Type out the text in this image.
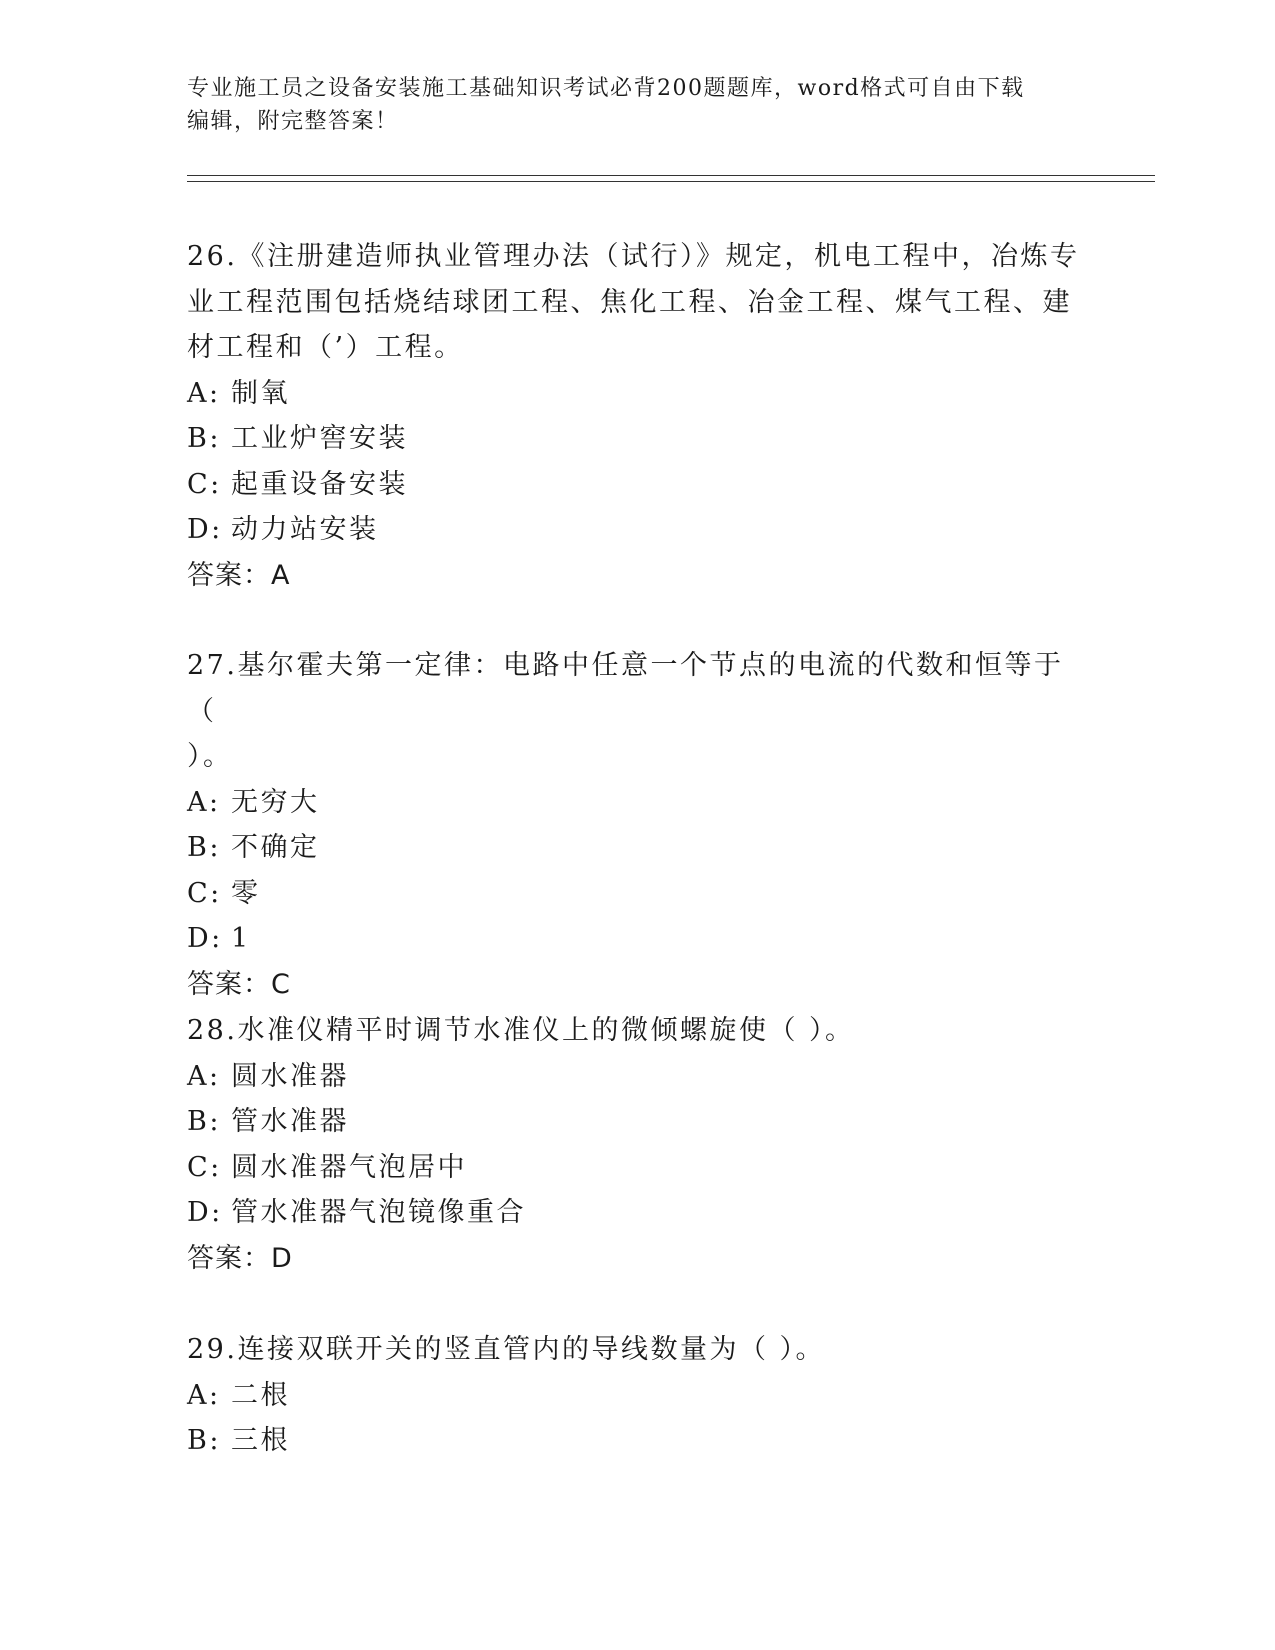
专业施工员之设备安装施工基础知识考试必背200题题库，word格式可自由下载
编辑，附完整答案！

26.《注册建造师执业管理办法（试行）》规定，机电工程中，冶炼专

业工程范围包括烧结球团工程、焦化工程、冶金工程、煤气工程、建

材工程和（’）工程。

A: 制氧

B: 工业炉窖安装

C: 起重设备安装

D: 动力站安装

答案：A

27.基尔霍夫第一定律：电路中任意一个节点的电流的代数和恒等于（

）。

A: 无穷大

B: 不确定

C: 零

D: 1

答案：C

28.水准仪精平时调节水准仪上的微倾螺旋使（ ）。

A: 圆水准器

B: 管水准器

C: 圆水准器气泡居中

D: 管水准器气泡镜像重合

答案：D

29.连接双联开关的竖直管内的导线数量为（ ）。

A: 二根

B: 三根
